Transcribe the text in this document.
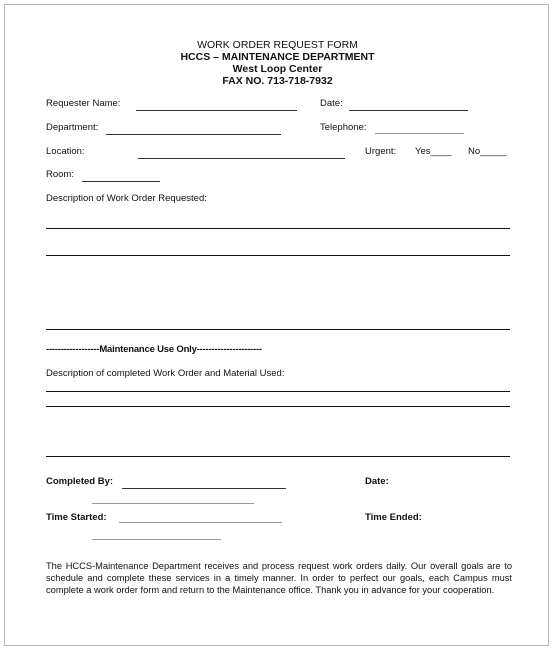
WORK ORDER REQUEST FORM
HCCS – MAINTENANCE DEPARTMENT
West Loop Center
FAX NO. 713-718-7932
Requester Name:	Date:
Department:	Telephone:
Location:	Urgent: Yes____ No_____
Room:
Description of Work Order Requested:
------------------Maintenance Use Only----------------------
Description of completed Work Order and Material Used:
Completed By:	Date:
Time Started:	Time Ended:
The HCCS-Maintenance Department receives and process request work orders daily. Our overall goals are to schedule and complete these services in a timely manner. In order to perfect our goals, each Campus must complete a work order form and return to the Maintenance office. Thank you in advance for your cooperation.
